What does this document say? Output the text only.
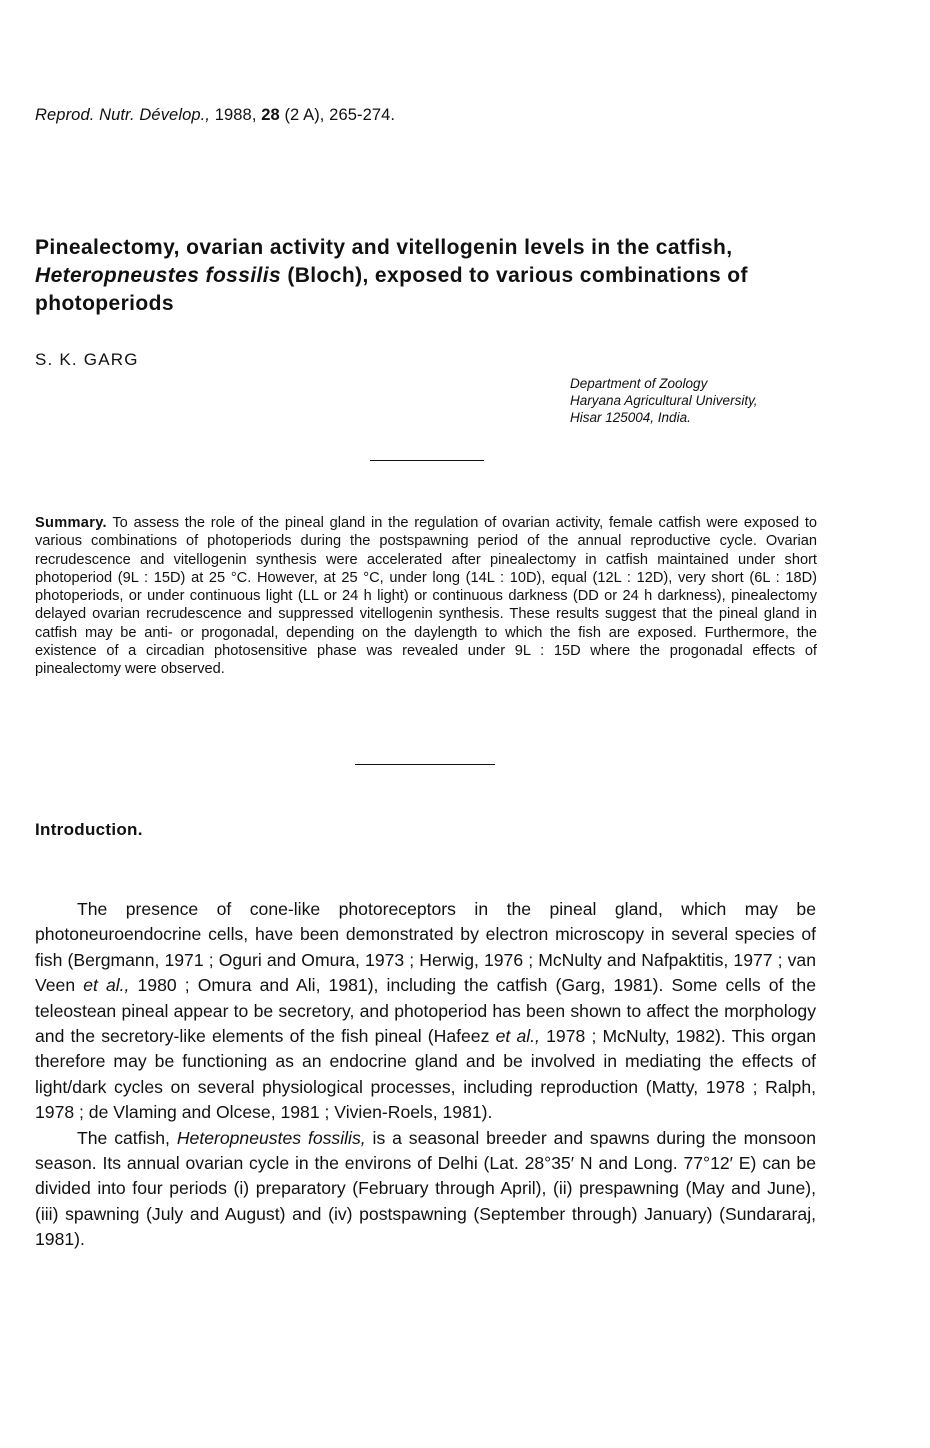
Reprod. Nutr. Dévelop., 1988, 28 (2 A), 265-274.
Pinealectomy, ovarian activity and vitellogenin levels in the catfish, Heteropneustes fossilis (Bloch), exposed to various combinations of photoperiods
S. K. GARG
Department of Zoology
Haryana Agricultural University,
Hisar 125004, India.
Summary. To assess the role of the pineal gland in the regulation of ovarian activity, female catfish were exposed to various combinations of photoperiods during the postspawning period of the annual reproductive cycle. Ovarian recrudescence and vitellogenin synthesis were accelerated after pinealectomy in catfish maintained under short photoperiod (9L : 15D) at 25 °C. However, at 25 °C, under long (14L : 10D), equal (12L : 12D), very short (6L : 18D) photoperiods, or under continuous light (LL or 24 h light) or continuous darkness (DD or 24 h darkness), pinealectomy delayed ovarian recrudescence and suppressed vitellogenin synthesis. These results suggest that the pineal gland in catfish may be anti- or progonadal, depending on the daylength to which the fish are exposed. Furthermore, the existence of a circadian photosensitive phase was revealed under 9L : 15D where the progonadal effects of pinealectomy were observed.
Introduction.

The presence of cone-like photoreceptors in the pineal gland, which may be photoneuroendocrine cells, have been demonstrated by electron microscopy in several species of fish (Bergmann, 1971 ; Oguri and Omura, 1973 ; Herwig, 1976 ; McNulty and Nafpaktitis, 1977 ; van Veen et al., 1980 ; Omura and Ali, 1981), including the catfish (Garg, 1981). Some cells of the teleostean pineal appear to be secretory, and photoperiod has been shown to affect the morphology and the secretory-like elements of the fish pineal (Hafeez et al., 1978 ; McNulty, 1982). This organ therefore may be functioning as an endocrine gland and be involved in mediating the effects of light/dark cycles on several physiological processes, including reproduction (Matty, 1978 ; Ralph, 1978 ; de Vlaming and Olcese, 1981 ; Vivien-Roels, 1981).

The catfish, Heteropneustes fossilis, is a seasonal breeder and spawns during the monsoon season. Its annual ovarian cycle in the environs of Delhi (Lat. 28°35′ N and Long. 77°12′ E) can be divided into four periods (i) preparatory (February through April), (ii) prespawning (May and June), (iii) spawning (July and August) and (iv) postspawning (September through) January) (Sundararaj, 1981).
